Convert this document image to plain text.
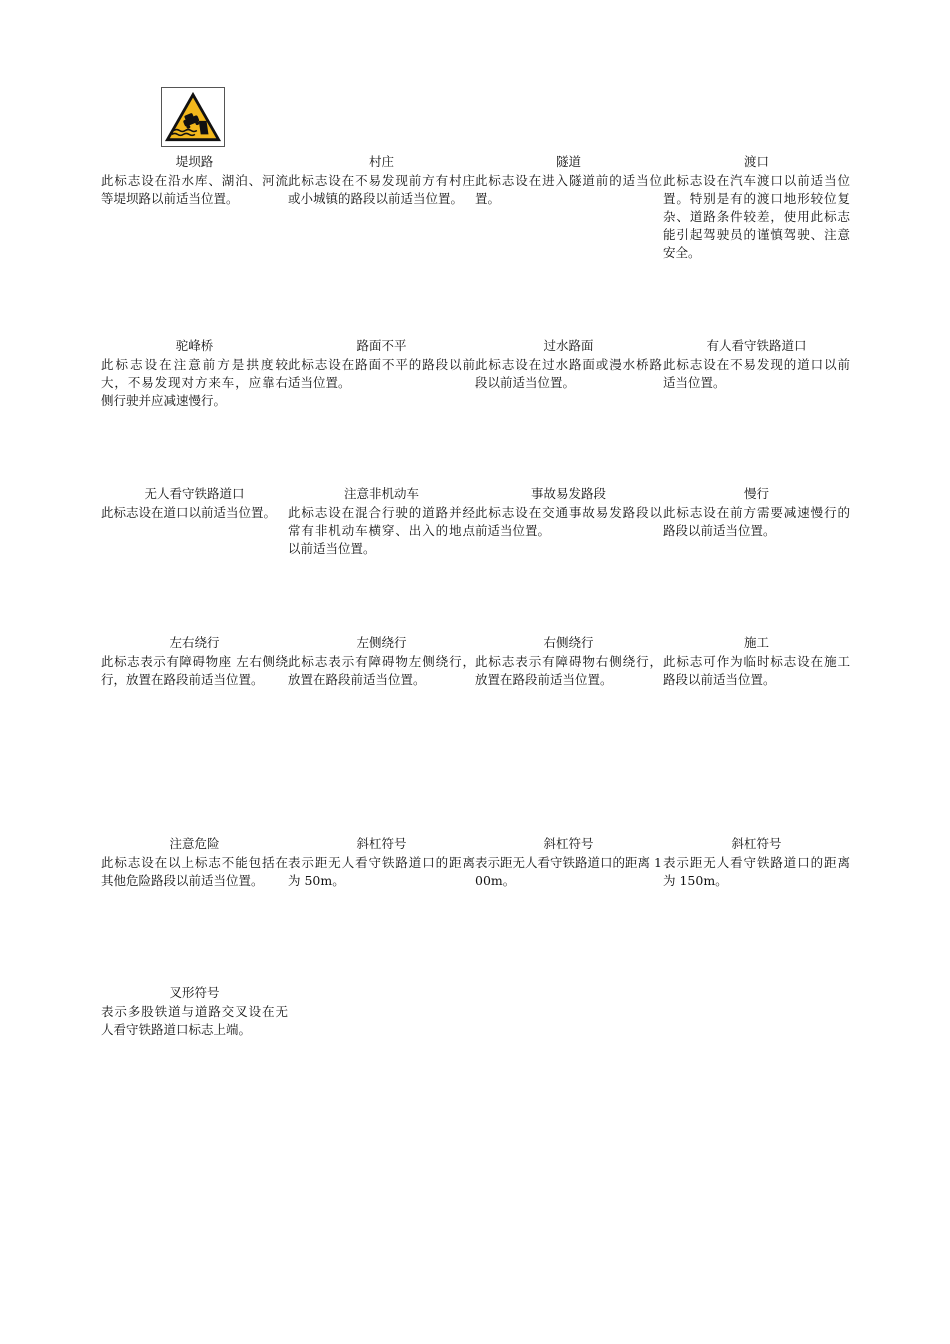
堤坝路

此标志设在沿水库、湖泊、河流等堤坝路以前适当位置。

村庄

此标志设在不易发现前方有村庄或小城镇的路段以前适当位置。

隧道

此标志设在进入隧道前的适当位置。

渡口

此标志设在汽车渡口以前适当位置。特别是有的渡口地形较位复杂、道路条件较差，使用此标志能引起驾驶员的谨慎驾驶、注意安全。

驼峰桥

此标志设在注意前方是拱度较大，不易发现对方来车，应靠右侧行驶并应减速慢行。

路面不平

此标志设在路面不平的路段以前适当位置。

过水路面

此标志设在过水路面或漫水桥路段以前适当位置。

有人看守铁路道口

此标志设在不易发现的道口以前适当位置。

无人看守铁路道口

此标志设在道口以前适当位置。

注意非机动车

此标志设在混合行驶的道路并经常有非机动车横穿、出入的地点以前适当位置。

事故易发路段

此标志设在交通事故易发路段以前适当位置。

慢行

此标志设在前方需要减速慢行的路段以前适当位置。

左右绕行

此标志表示有障碍物座 左右侧绕行，放置在路段前适当位置。

左侧绕行

此标志表示有障碍物左侧绕行，放置在路段前适当位置。

右侧绕行

此标志表示有障碍物右侧绕行，放置在路段前适当位置。

施工

此标志可作为临时标志设在施工路段以前适当位置。

注意危险

此标志设在以上标志不能包括在其他危险路段以前适当位置。

斜杠符号

表示距无人看守铁路道口的距离为 50m。

斜杠符号

表示距无人看守铁路道口的距离 100m。

斜杠符号

表示距无人看守铁路道口的距离为 150m。

叉形符号

表示多股铁道与道路交叉设在无人看守铁路道口标志上端。
